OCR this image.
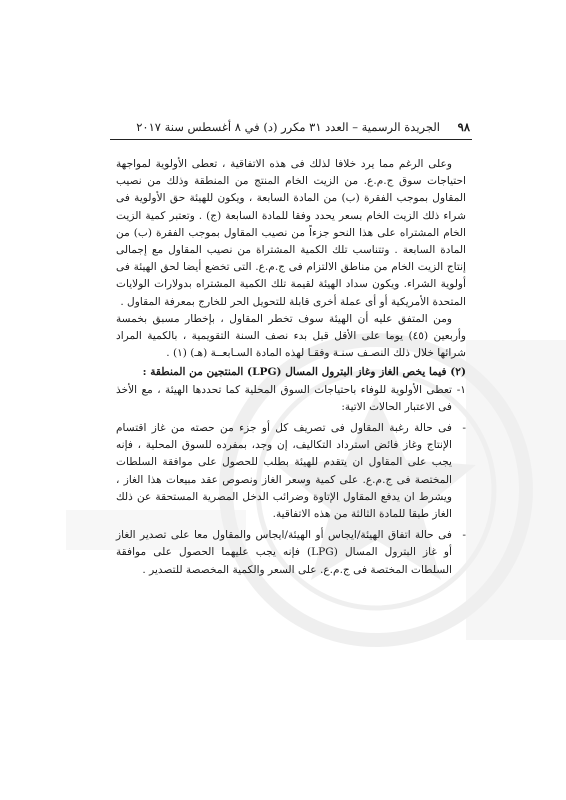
٩٨
الجريدة الرسمية – العدد ٣١ مكرر (د) في ٨ أغسطس سنة ٢٠١٧

وعلى الرغم مما يرد خلافا لذلك فى هذه الاتفاقية ، تعطى الأولوية لمواجهة احتياجات سوق ج.م.ع. من الزيت الخام المنتج من المنطقة وذلك من نصيب المقاول بموجب الفقرة (ب) من المادة السابعة ، ويكون للهيئة حق الأولوية فى شراء ذلك الزيت الخام بسعر يحدد وفقا للمادة السابعة (ج) . وتعتبر كمية الزيت الخام المشتراه على هذا النحو جزءاً من نصيب المقاول بموجب الفقرة (ب) من المادة السابعة . وتتناسب تلك الكمية المشتراة من نصيب المقاول مع إجمالى إنتاج الزيت الخام من مناطق الالتزام فى ج.م.ع. التى تخضع أيضا لحق الهيئة فى أولوية الشراء. ويكون سداد الهيئة لقيمة تلك الكمية المشتراه بدولارات الولايات المتحدة الأمريكية أو أى عملة أخرى قابلة للتحويل الحر للخارج بمعرفة المقاول .

ومن المتفق عليه أن الهيئة سوف تخطر المقاول ، بإخطار مسبق بخمسة وأربعين (٤٥) يوما على الأقل قبل بدء نصف السنة التقويمية ، بالكمية المراد شرائها خلال ذلك النصـف سنـة وفقـا لهذه المادة السـابعــة (هـ) (١) .

(٢) فيما يخص الغاز وغاز البترول المسال (LPG) المنتجين من المنطقة :

١-
تعطى الأولوية للوفاء باحتياجات السوق المحلية كما تحددها الهيئة ، مع الأخذ فى الاعتبار الحالات الاتية:

-
فى حالة رغبة المقاول فى تصريف كل أو جزء من حصته من غاز اقتسام الإنتاج وغاز فائض استرداد التكاليف، إن وجد، بمفرده للسوق المحلية ، فإنه يجب على المقاول ان يتقدم للهيئة بطلب للحصول على موافقة السلطات المختصة فى ج.م.ع. على كمية وسعر الغاز ونصوص عقد مبيعات هذا الغاز ، ويشرط ان يدفع المقاول الإتاوة وضرائب الدخل المصرية المستحقة عن ذلك الغاز طبقا للمادة الثالثة من هذه الاتفاقية.

-
فى حالة اتفاق الهيئة/ايجاس أو الهيئة/ايجاس والمقاول معا على تصدير الغاز أو غاز البترول المسال (LPG) فإنه يجب عليهما الحصول على موافقة السلطات المختصة فى ج.م.ع. على السعر والكمية المخصصة للتصدير .
